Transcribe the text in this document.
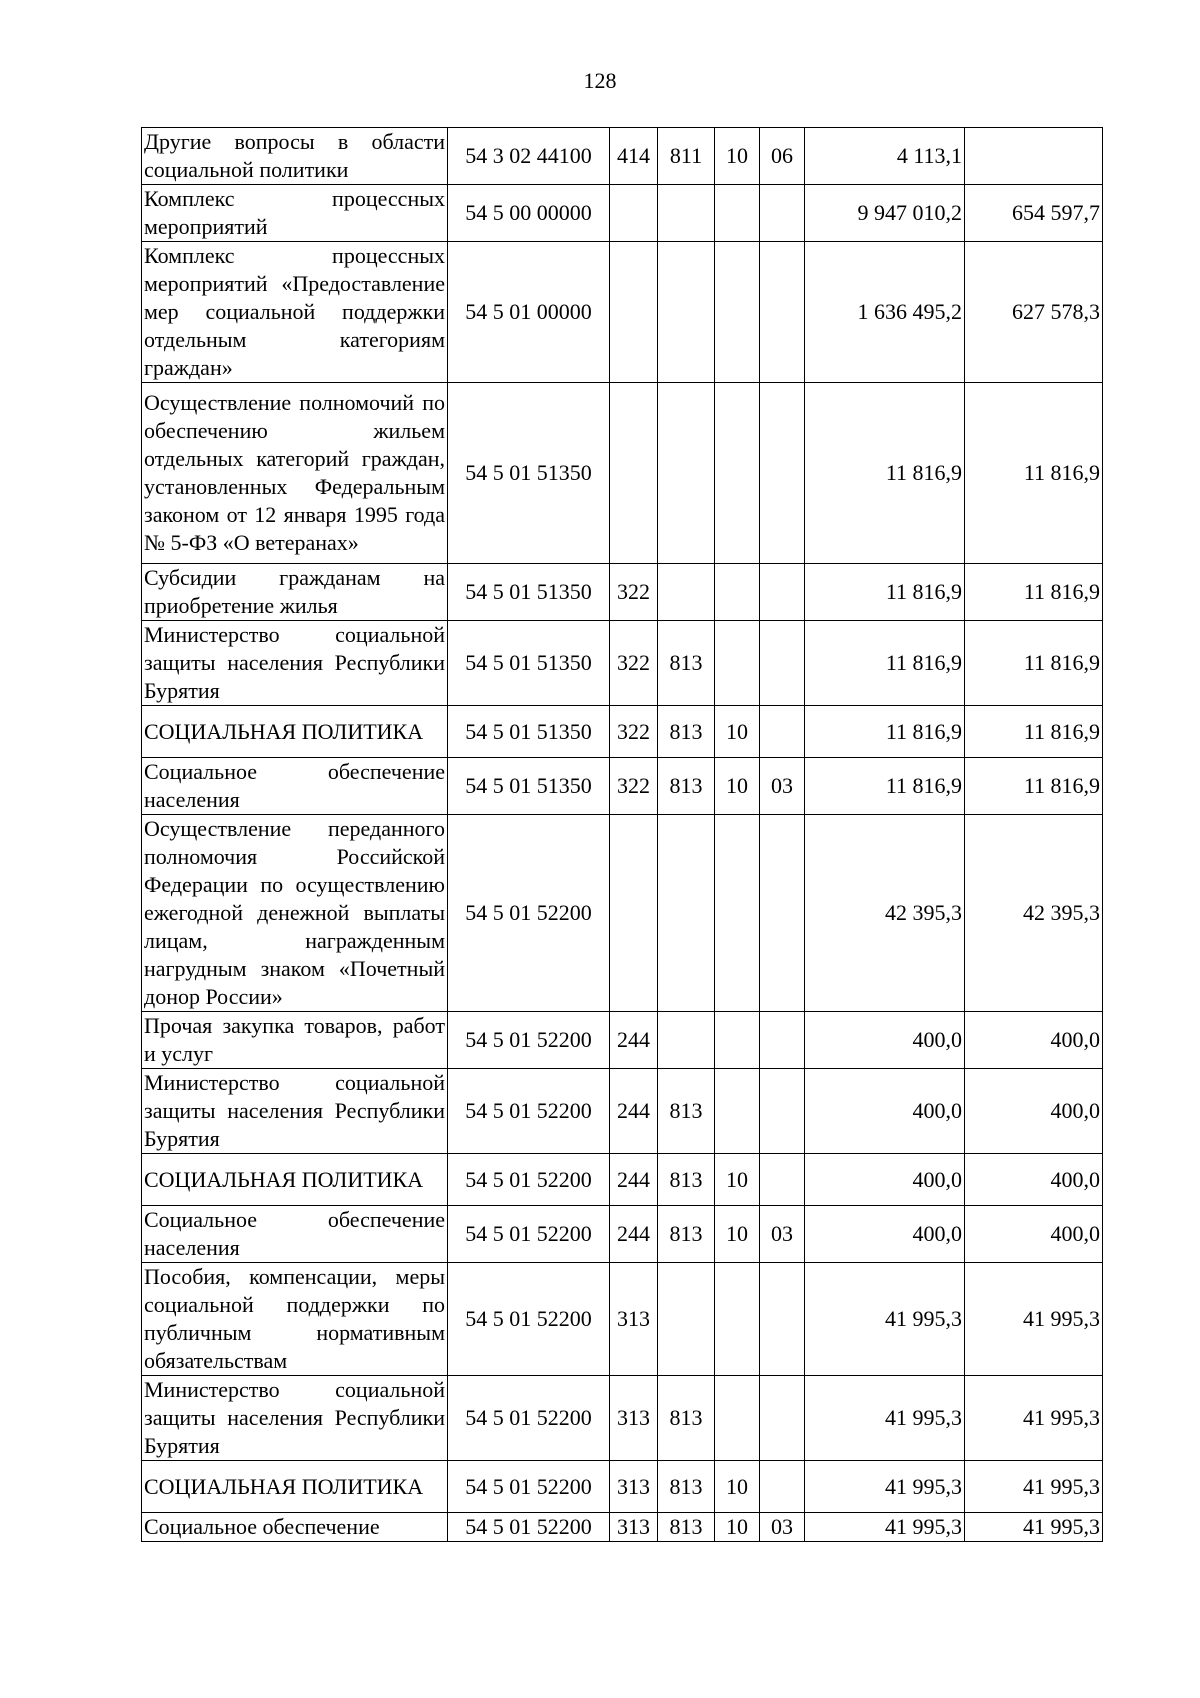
128
Другие вопросы в области социальной политики	54 3 02 44100	414	811	10	06	4 113,1	
Комплекс процессных мероприятий	54 5 00 00000					9 947 010,2	654 597,7
Комплекс процессных мероприятий «Предоставление мер социальной поддержки отдельным категориям граждан»	54 5 01 00000					1 636 495,2	627 578,3
Осуществление полномочий по обеспечению жильем отдельных категорий граждан, установленных Федеральным законом от 12 января 1995 года № 5-ФЗ «О ветеранах»	54 5 01 51350					11 816,9	11 816,9
Субсидии гражданам на приобретение жилья	54 5 01 51350	322				11 816,9	11 816,9
Министерство социальной защиты населения Республики Бурятия	54 5 01 51350	322	813			11 816,9	11 816,9
СОЦИАЛЬНАЯ ПОЛИТИКА	54 5 01 51350	322	813	10		11 816,9	11 816,9
Социальное обеспечение населения	54 5 01 51350	322	813	10	03	11 816,9	11 816,9
Осуществление переданного полномочия Российской Федерации по осуществлению ежегодной денежной выплаты лицам, награжденным нагрудным знаком «Почетный донор России»	54 5 01 52200					42 395,3	42 395,3
Прочая закупка товаров, работ и услуг	54 5 01 52200	244				400,0	400,0
Министерство социальной защиты населения Республики Бурятия	54 5 01 52200	244	813			400,0	400,0
СОЦИАЛЬНАЯ ПОЛИТИКА	54 5 01 52200	244	813	10		400,0	400,0
Социальное обеспечение населения	54 5 01 52200	244	813	10	03	400,0	400,0
Пособия, компенсации, меры социальной поддержки по публичным нормативным обязательствам	54 5 01 52200	313				41 995,3	41 995,3
Министерство социальной защиты населения Республики Бурятия	54 5 01 52200	313	813			41 995,3	41 995,3
СОЦИАЛЬНАЯ ПОЛИТИКА	54 5 01 52200	313	813	10		41 995,3	41 995,3
Социальное обеспечение	54 5 01 52200	313	813	10	03	41 995,3	41 995,3
